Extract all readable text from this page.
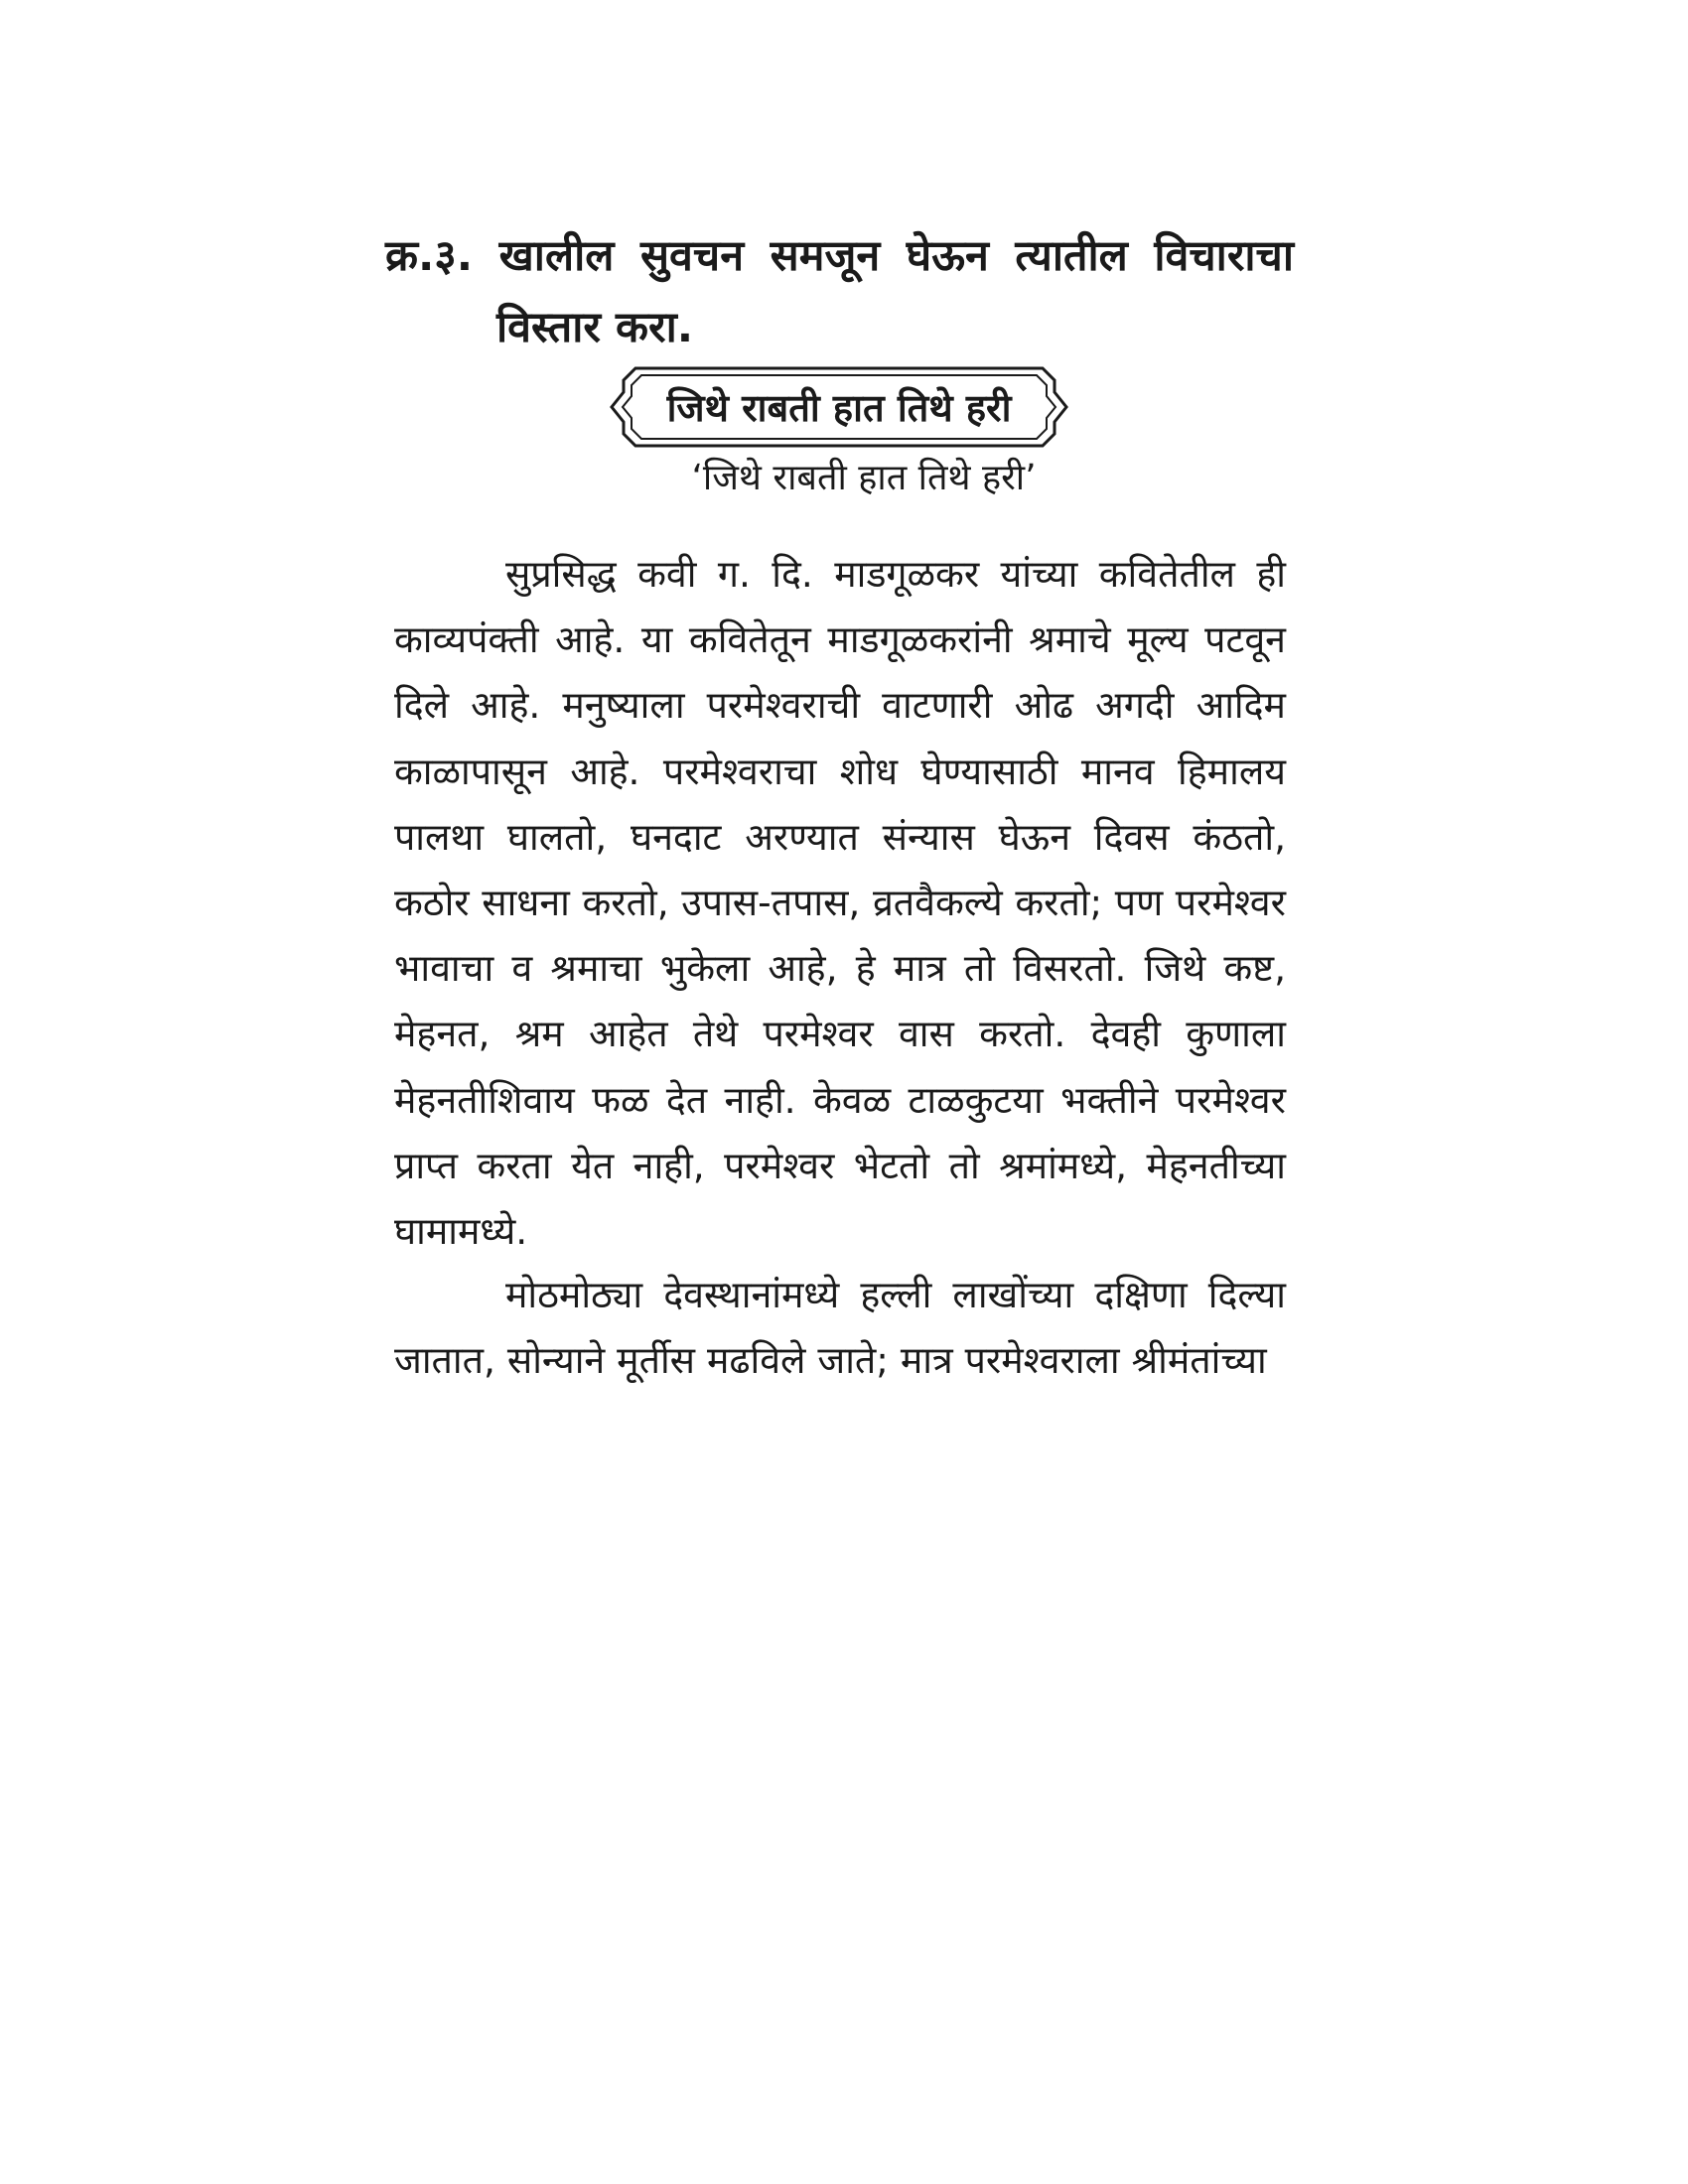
क्र.३. खालील सुवचन समजून घेऊन त्यातील विचाराचा
विस्तार करा.
जिथे राबती हात तिथे हरी
‘जिथे राबती हात तिथे हरी’

सुप्रसिद्ध कवी ग. दि. माडगूळकर यांच्या कवितेतील ही काव्यपंक्ती आहे. या कवितेतून माडगूळकरांनी श्रमाचे मूल्य पटवून दिले आहे. मनुष्याला परमेश्वराची वाटणारी ओढ अगदी आदिम काळापासून आहे. परमेश्वराचा शोध घेण्यासाठी मानव हिमालय पालथा घालतो, घनदाट अरण्यात संन्यास घेऊन दिवस कंठतो, कठोर साधना करतो, उपास-तपास, व्रतवैकल्ये करतो; पण परमेश्वर भावाचा व श्रमाचा भुकेला आहे, हे मात्र तो विसरतो. जिथे कष्ट, मेहनत, श्रम आहेत तेथे परमेश्वर वास करतो. देवही कुणाला मेहनतीशिवाय फळ देत नाही. केवळ टाळकुटया भक्तीने परमेश्वर प्राप्त करता येत नाही, परमेश्वर भेटतो तो श्रमांमध्ये, मेहनतीच्या घामामध्ये.

मोठमोठ्या देवस्थानांमध्ये हल्ली लाखोंच्या दक्षिणा दिल्या जातात, सोन्याने मूर्तीस मढविले जाते; मात्र परमेश्वराला श्रीमंतांच्या
